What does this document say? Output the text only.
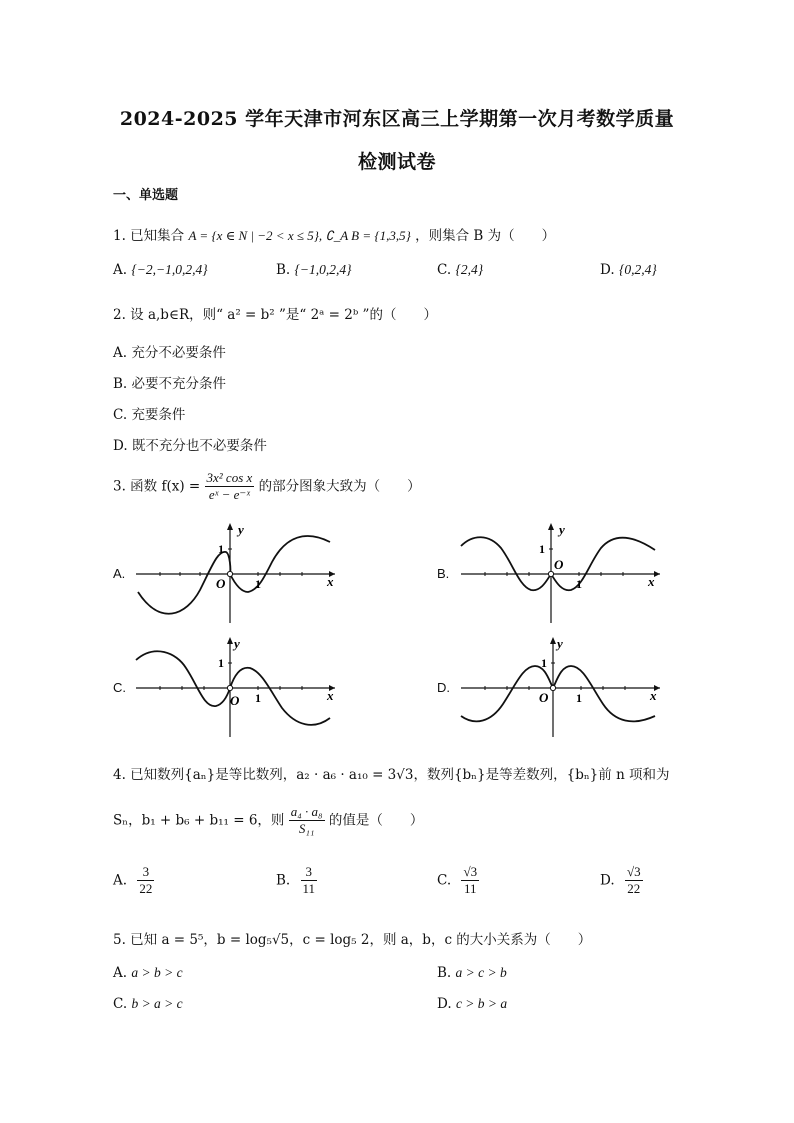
2024-2025 学年天津市河东区高三上学期第一次月考数学质量
检测试卷
一、单选题
1. 已知集合 A = {x ∈ N | −2 < x ≤ 5}, ∁_A B = {1,3,5} ，则集合 B 为（　　）
A. {−2,−1,0,2,4}	B. {−1,0,2,4}	C. {2,4}	D. {0,2,4}
2. 设 a,b∈R，则“ a² = b² ”是“ 2ᵃ = 2ᵇ ”的（　　）
A. 充分不必要条件
B. 必要不充分条件
C. 充要条件
D. 既不充分也不必要条件
3. 函数 $f(x) = \frac{\text{3x² cos x}}{\text{eˣ − e⁻ˣ}}$ 的部分图象大致为（　　）
A.
y
x
1
1
O
B.
y
x
1
1
O
C.
y
x
1
1
O
D.
y
x
1
1
O
4. 已知数列{aₙ}是等比数列，a₂ · a₆ · a₁₀ = 3√3，数列{bₙ}是等差数列，{bₙ}前 n 项和为
Sₙ，b₁ + b₆ + b₁₁ = 6，则 $\frac{\text{a₄ · a₈}}{\text{S₁₁}}$ 的值是（　　）
A. $\frac{3}{22}$	B. $\frac{3}{11}$	C. $\frac{√3}{11}$	D. $\frac{√3}{22}$
5. 已知 a = 5⁵，b = log₅√5，c = log₅ 2，则 a，b，c 的大小关系为（　　）
A. a > b > c	B. a > c > b
C. b > a > c	D. c > b > a
